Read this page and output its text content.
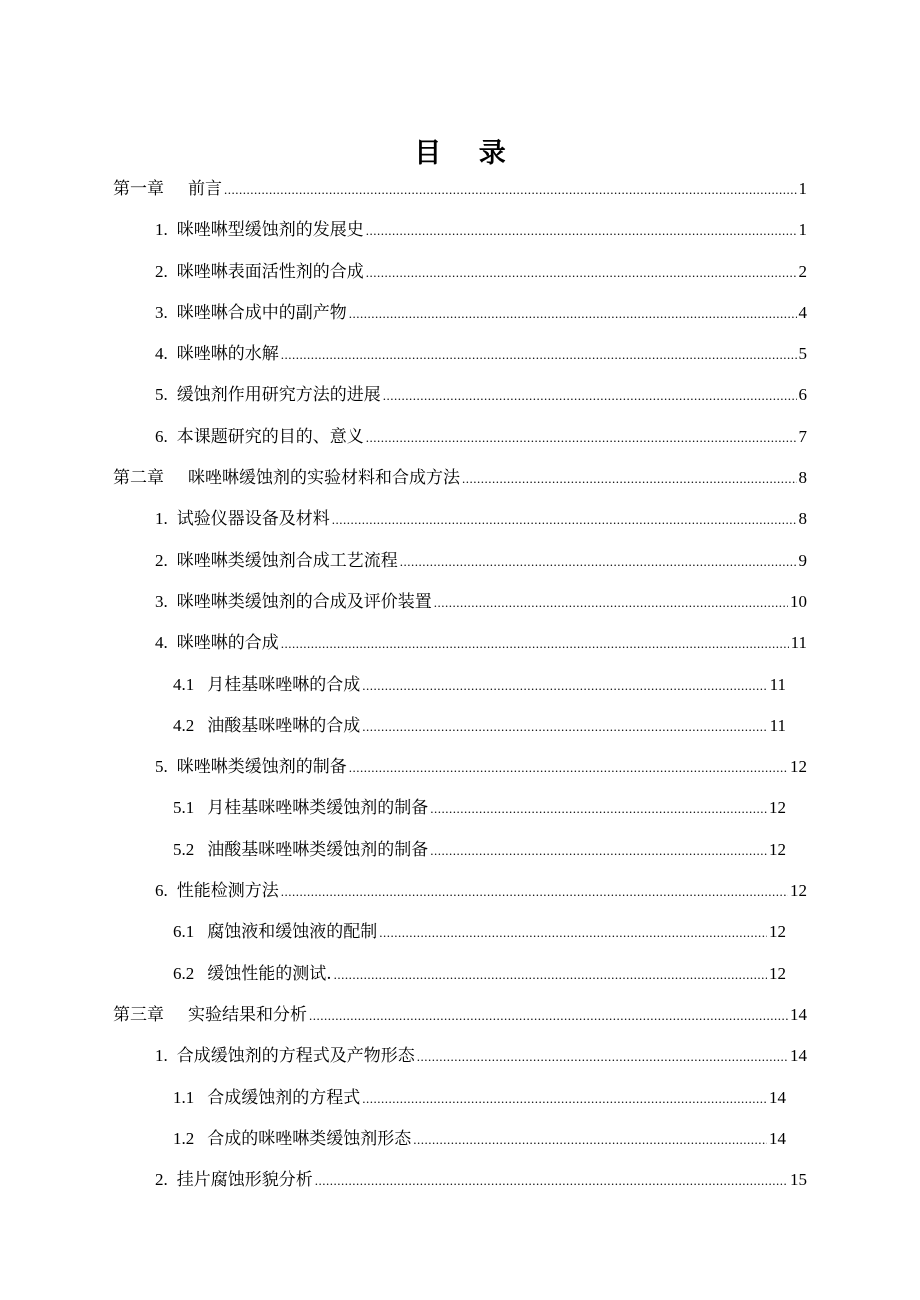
目 录
第一章 前言 .....	1
1. 咪唑啉型缓蚀剂的发展史 .....	1
2. 咪唑啉表面活性剂的合成 .....	2
3. 咪唑啉合成中的副产物 .....	4
4. 咪唑啉的水解 .....	5
5. 缓蚀剂作用研究方法的进展 .....	6
6. 本课题研究的目的、意义 .....	7
第二章 咪唑啉缓蚀剂的实验材料和合成方法 .....	8
1. 试验仪器设备及材料 .....	8
2. 咪唑啉类缓蚀剂合成工艺流程 .....	9
3. 咪唑啉类缓蚀剂的合成及评价装置 .....	10
4. 咪唑啉的合成 .....	11
4.1 月桂基咪唑啉的合成 .....	11
4.2 油酸基咪唑啉的合成 .....	11
5. 咪唑啉类缓蚀剂的制备 .....	12
5.1 月桂基咪唑啉类缓蚀剂的制备 .....	12
5.2 油酸基咪唑啉类缓蚀剂的制备 .....	12
6. 性能检测方法 .....	12
6.1 腐蚀液和缓蚀液的配制 .....	12
6.2 缓蚀性能的测试. .....	12
第三章 实验结果和分析 .....	14
1. 合成缓蚀剂的方程式及产物形态 .....	14
1.1 合成缓蚀剂的方程式 .....	14
1.2 合成的咪唑啉类缓蚀剂形态 .....	14
2. 挂片腐蚀形貌分析 .....	15
